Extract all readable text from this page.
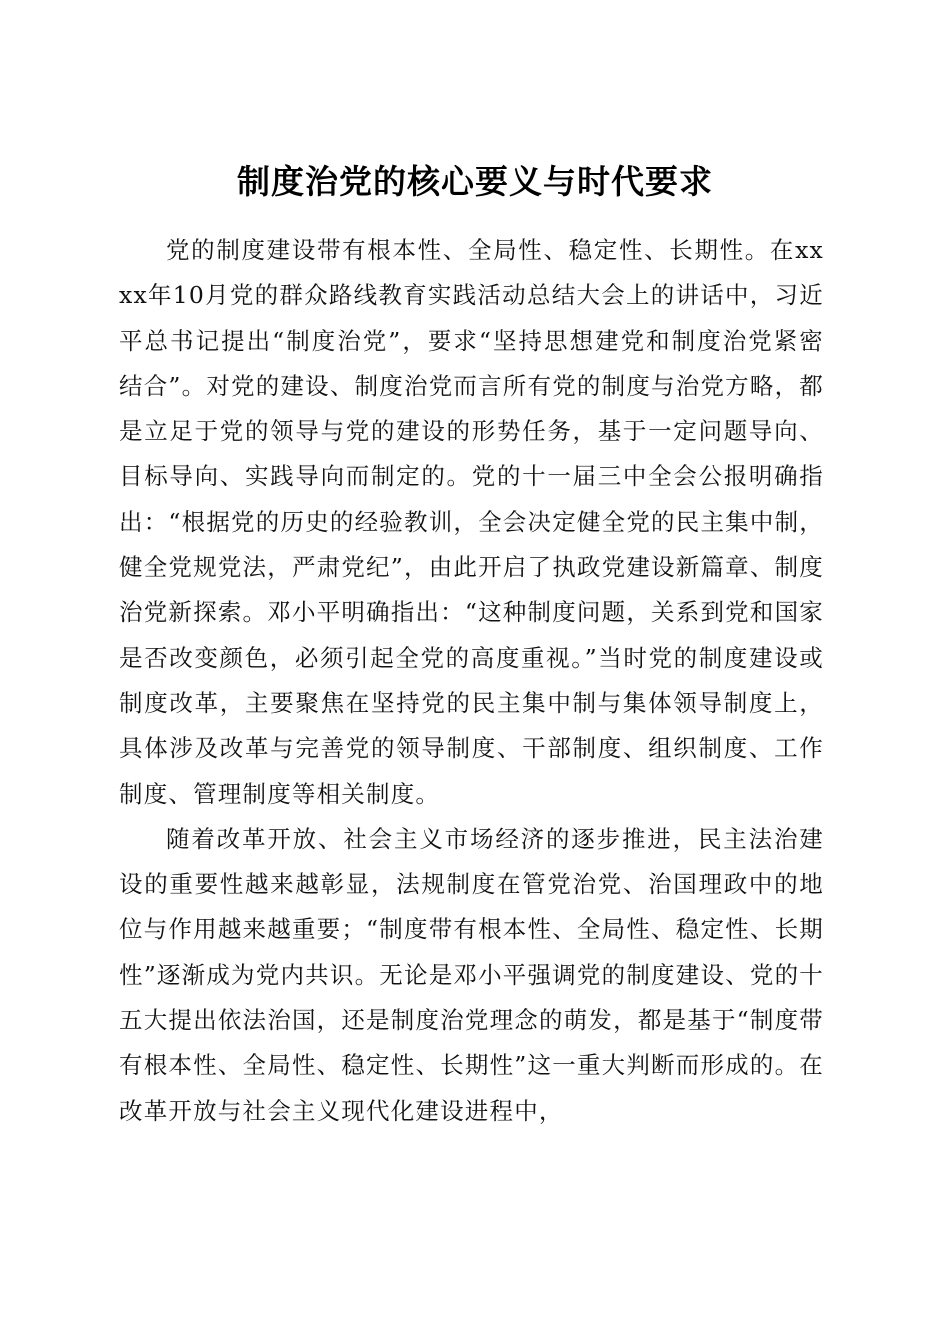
制度治党的核心要义与时代要求

党的制度建设带有根本性、全局性、稳定性、长期性。在xxxx年10月党的群众路线教育实践活动总结大会上的讲话中，习近平总书记提出“制度治党”，要求“坚持思想建党和制度治党紧密结合”。对党的建设、制度治党而言所有党的制度与治党方略，都是立足于党的领导与党的建设的形势任务，基于一定问题导向、目标导向、实践导向而制定的。党的十一届三中全会公报明确指出：“根据党的历史的经验教训，全会决定健全党的民主集中制，健全党规党法，严肃党纪”，由此开启了执政党建设新篇章、制度治党新探索。邓小平明确指出：“这种制度问题，关系到党和国家是否改变颜色，必须引起全党的高度重视。”当时党的制度建设或制度改革，主要聚焦在坚持党的民主集中制与集体领导制度上，具体涉及改革与完善党的领导制度、干部制度、组织制度、工作制度、管理制度等相关制度。

随着改革开放、社会主义市场经济的逐步推进，民主法治建设的重要性越来越彰显，法规制度在管党治党、治国理政中的地位与作用越来越重要；“制度带有根本性、全局性、稳定性、长期性”逐渐成为党内共识。无论是邓小平强调党的制度建设、党的十五大提出依法治国，还是制度治党理念的萌发，都是基于“制度带有根本性、全局性、稳定性、长期性”这一重大判断而形成的。在改革开放与社会主义现代化建设进程中，
